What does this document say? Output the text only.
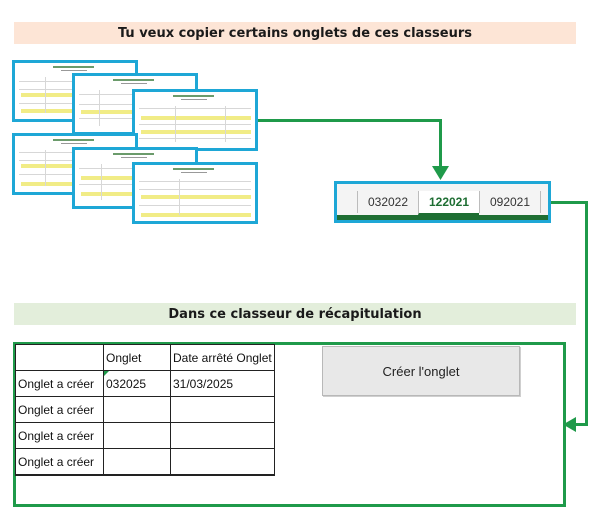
Tu veux copier certains onglets de ces classeurs
032022 122021 092021
Dans ce classeur de récapitulation
	Onglet	Date arrêté Onglet
Onglet a créer	032025	31/03/2025
Onglet a créer		
Onglet a créer		
Onglet a créer		
Créer l'onglet
